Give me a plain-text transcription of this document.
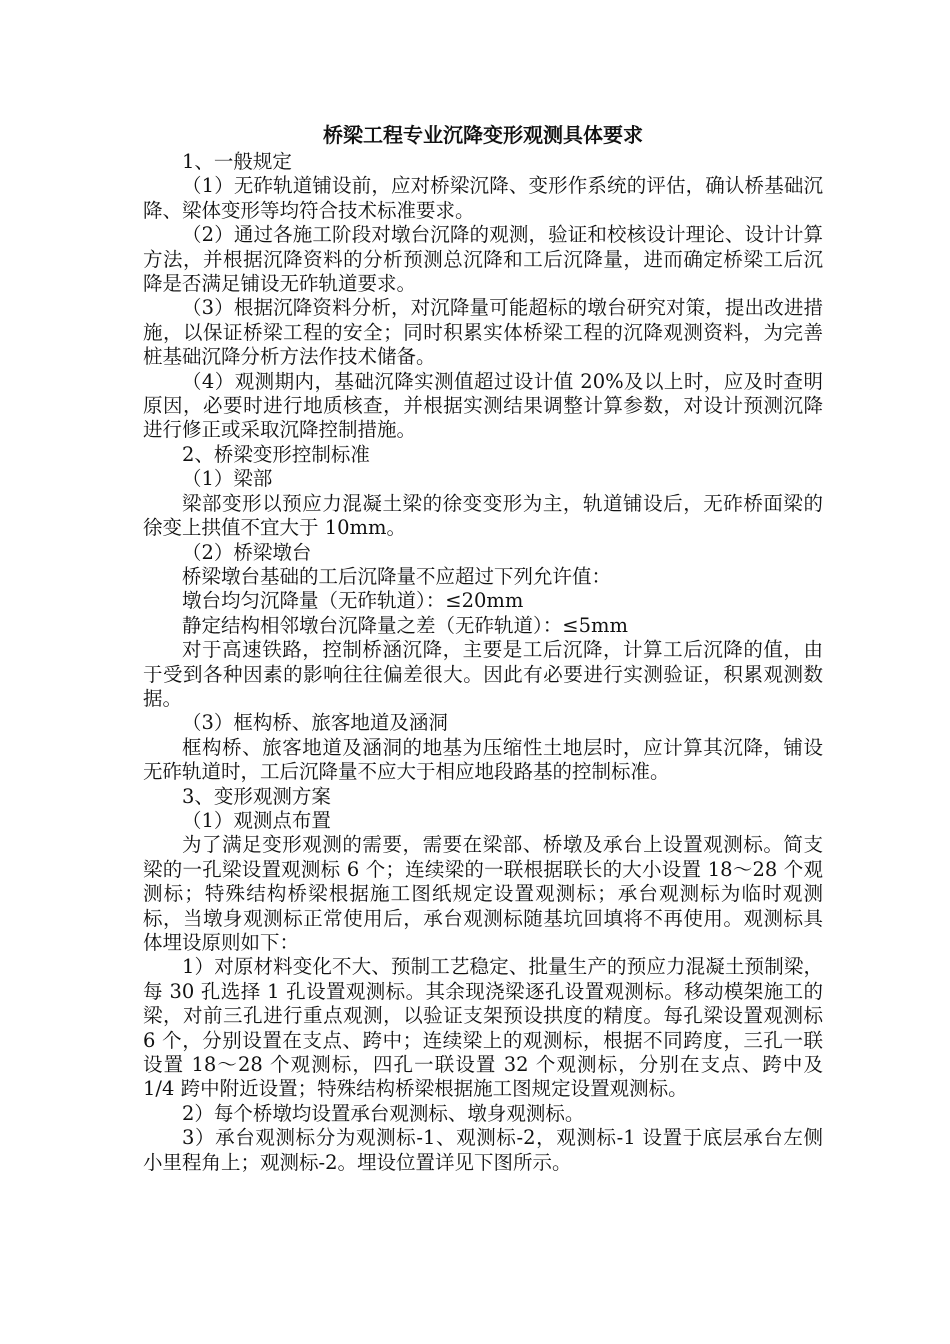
桥梁工程专业沉降变形观测具体要求

1、一般规定

（1）无砟轨道铺设前，应对桥梁沉降、变形作系统的评估，确认桥基础沉降、梁体变形等均符合技术标准要求。

（2）通过各施工阶段对墩台沉降的观测，验证和校核设计理论、设计计算方法，并根据沉降资料的分析预测总沉降和工后沉降量，进而确定桥梁工后沉降是否满足铺设无砟轨道要求。

（3）根据沉降资料分析，对沉降量可能超标的墩台研究对策，提出改进措施，以保证桥梁工程的安全；同时积累实体桥梁工程的沉降观测资料，为完善桩基础沉降分析方法作技术储备。

（4）观测期内，基础沉降实测值超过设计值 20%及以上时，应及时查明原因，必要时进行地质核查，并根据实测结果调整计算参数，对设计预测沉降进行修正或采取沉降控制措施。

2、桥梁变形控制标准

（1）梁部

梁部变形以预应力混凝土梁的徐变变形为主，轨道铺设后，无砟桥面梁的徐变上拱值不宜大于 10mm。

（2）桥梁墩台

桥梁墩台基础的工后沉降量不应超过下列允许值：

墩台均匀沉降量（无砟轨道）：≤20mm

静定结构相邻墩台沉降量之差（无砟轨道）：≤5mm

对于高速铁路，控制桥涵沉降，主要是工后沉降，计算工后沉降的值，由于受到各种因素的影响往往偏差很大。因此有必要进行实测验证，积累观测数据。

（3）框构桥、旅客地道及涵洞

框构桥、旅客地道及涵洞的地基为压缩性土地层时，应计算其沉降，铺设无砟轨道时，工后沉降量不应大于相应地段路基的控制标准。

3、变形观测方案

（1）观测点布置

为了满足变形观测的需要，需要在梁部、桥墩及承台上设置观测标。简支梁的一孔梁设置观测标 6 个；连续梁的一联根据联长的大小设置 18～28 个观测标；特殊结构桥梁根据施工图纸规定设置观测标；承台观测标为临时观测标，当墩身观测标正常使用后，承台观测标随基坑回填将不再使用。观测标具体埋设原则如下：

1）对原材料变化不大、预制工艺稳定、批量生产的预应力混凝土预制梁，每 30 孔选择 1 孔设置观测标。其余现浇梁逐孔设置观测标。移动模架施工的梁，对前三孔进行重点观测，以验证支架预设拱度的精度。每孔梁设置观测标 6 个，分别设置在支点、跨中；连续梁上的观测标，根据不同跨度，三孔一联设置 18～28 个观测标，四孔一联设置 32 个观测标，分别在支点、跨中及 1/4 跨中附近设置；特殊结构桥梁根据施工图规定设置观测标。

2）每个桥墩均设置承台观测标、墩身观测标。

3）承台观测标分为观测标-1、观测标-2，观测标-1 设置于底层承台左侧小里程角上；观测标-2。埋设位置详见下图所示。
